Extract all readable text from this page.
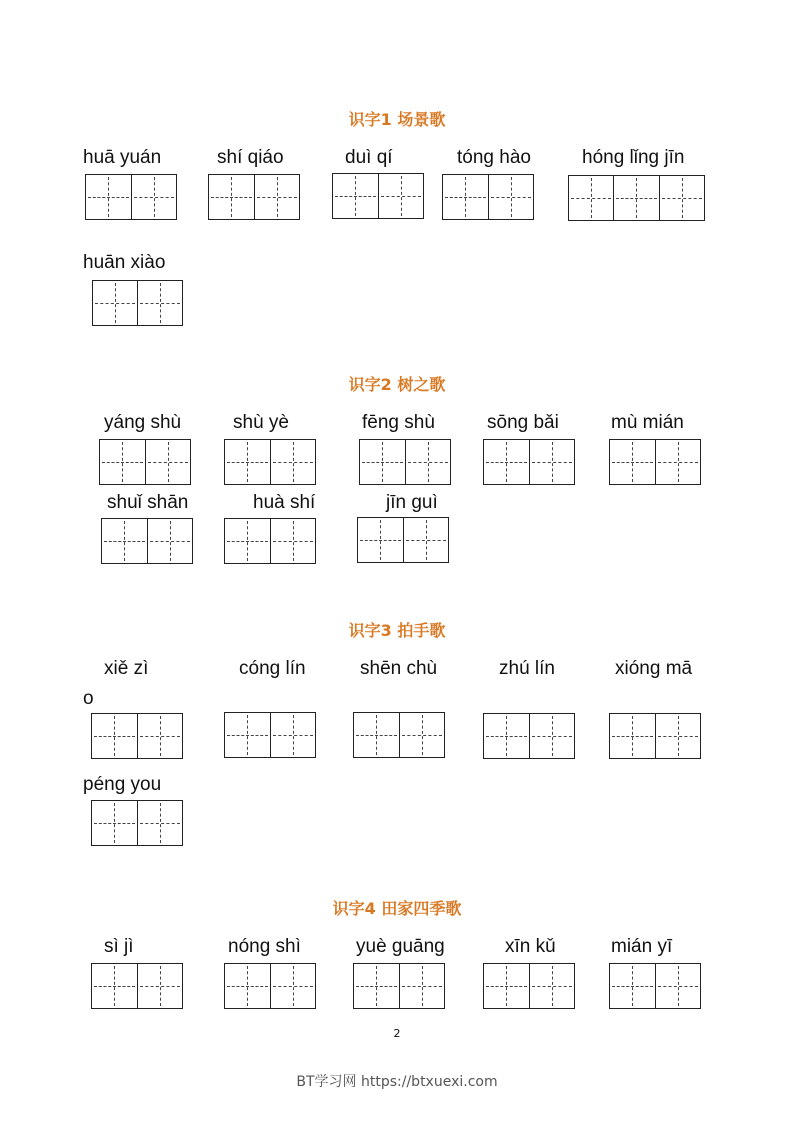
识字1 场景歌
huā yuán	shí qiáo	duì qí	tóng hào	hóng lǐng jīn
huān xiào
识字2 树之歌
yáng shù	shù yè	fēng shù	sōng bǎi	mù mián
shuǐ shān	huà shí	jīn guì
识字3 拍手歌
xiě zì
o
cóng lín	shēn chù	zhú lín	xióng mā
péng you
识字4 田家四季歌
sì jì	nóng shì	yuè guāng	xīn kǔ	mián yī
2
BT学习网 https://btxuexi.com
